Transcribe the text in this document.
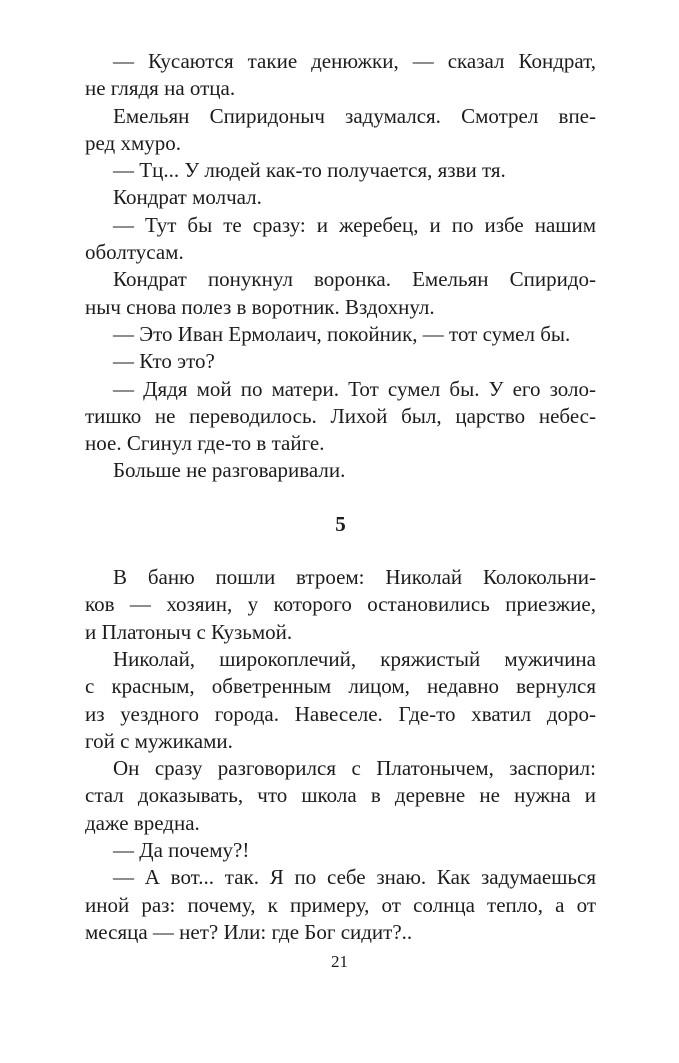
— Кусаются такие денюжки, — сказал Кондрат,
не глядя на отца.
Емельян Спиридоныч задумался. Смотрел впе-
ред хмуро.
— Тц... У людей как-то получается, язви тя.
Кондрат молчал.
— Тут бы те сразу: и жеребец, и по избе нашим
оболтусам.
Кондрат понукнул воронка. Емельян Спиридо-
ныч снова полез в воротник. Вздохнул.
— Это Иван Ермолаич, покойник, — тот сумел бы.
— Кто это?
— Дядя мой по матери. Тот сумел бы. У его золо-
тишко не переводилось. Лихой был, царство небес-
ное. Сгинул где-то в тайге.
Больше не разговаривали.
5
В баню пошли втроем: Николай Колокольни-
ков — хозяин, у которого остановились приезжие,
и Платоныч с Кузьмой.
Николай, широкоплечий, кряжистый мужичина
с красным, обветренным лицом, недавно вернулся
из уездного города. Навеселе. Где-то хватил доро-
гой с мужиками.
Он сразу разговорился с Платонычем, заспорил:
стал доказывать, что школа в деревне не нужна и
даже вредна.
— Да почему?!
— А вот... так. Я по себе знаю. Как задумаешься
иной раз: почему, к примеру, от солнца тепло, а от
месяца — нет? Или: где Бог сидит?..
21
